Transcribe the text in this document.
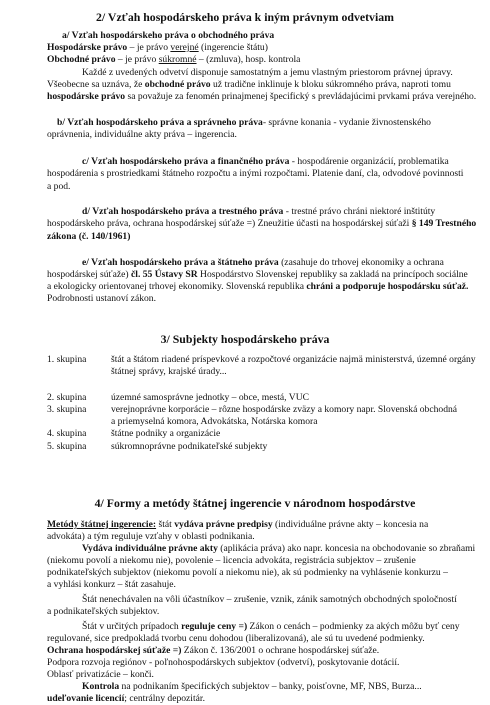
2/ Vzťah hospodárskeho práva k iným právnym odvetviam
a/ Vzťah hospodárskeho práva o obchodného práva
Hospodárske právo – je právo verejné (ingerencie štátu)
Obchodné právo – je právo súkromné – (zmluva), hosp. kontrola
Každé z uvedených odvetví disponuje samostatným a jemu vlastným priestorom právnej úpravy.
Všeobecne sa uznáva, že obchodné právo už tradične inklinuje k bloku súkromného práva, naproti tomu
hospodárske právo sa považuje za fenomén prinajmenej špecifický s prevládajúcimi prvkami práva verejného.
b/ Vzťah hospodárskeho práva a správneho práva- správne konania - vydanie živnostenského
oprávnenia, individuálne akty práva – ingerencia.
c/ Vzťah hospodárskeho práva a finančného práva - hospodárenie organizácií, problematika
hospodárenia s prostriedkami štátneho rozpočtu a inými rozpočtami. Platenie daní, cla, odvodové povinnosti
a pod.
d/ Vzťah hospodárskeho práva a trestného práva - trestné právo chráni niektoré inštitúty
hospodárskeho práva, ochrana hospodárskej súťaže =) Zneužitie účasti na hospodárskej súťaži § 149 Trestného
zákona (č. 140/1961)
e/ Vzťah hospodárskeho práva a štátneho práva (zasahuje do trhovej ekonomiky a ochrana
hospodárskej súťaže) čl. 55 Ústavy SR Hospodárstvo Slovenskej republiky sa zakladá na princípoch sociálne
a ekologicky orientovanej trhovej ekonomiky. Slovenská republika chráni a podporuje hospodársku súťaž.
Podrobnosti ustanoví zákon.
3/ Subjekty hospodárskeho práva
1. skupina	štát a štátom riadené príspevkové a rozpočtové organizácie najmä ministerstvá, územné orgány
štátnej správy, krajské úrady...

2. skupina	územné samosprávne jednotky – obce, mestá, VUC
3. skupina	verejnoprávne korporácie – rôzne hospodárske zväzy a komory napr. Slovenská obchodná
a priemyselná komora, Advokátska, Notárska komora

4. skupina	štátne podniky a organizácie
5. skupina	súkromnoprávne podnikateľské subjekty
4/ Formy a metódy štátnej ingerencie v národnom hospodárstve
Metódy štátnej ingerencie: štát vydáva právne predpisy (individuálne právne akty – koncesia na
advokáta) a tým reguluje vzťahy v oblasti podnikania.
Vydáva individuálne právne akty (aplikácia práva) ako napr. koncesia na obchodovanie so zbraňami
(niekomu povolí a niekomu nie), povolenie – licencia advokáta, registrácia subjektov – zrušenie
podnikateľských subjektov (niekomu povolí a niekomu nie), ak sú podmienky na vyhlásenie konkurzu –
a vyhlási konkurz – štát zasahuje.
Štát nenechávalen na vôli účastníkov – zrušenie, vznik, zánik samotných obchodných spoločností
a podnikateľských subjektov.
Štát v určitých prípadoch reguluje ceny =) Zákon o cenách – podmienky za akých môžu byť ceny
regulované, sice predpokladá tvorbu cenu dohodou (liberalizovaná), ale sú tu uvedené podmienky.
Ochrana hospodárskej súťaže =) Zákon č. 136/2001 o ochrane hospodárskej súťaže.
Podpora rozvoja regiónov - poľnohospodárskych subjektov (odvetví), poskytovanie dotácií.
Oblasť privatizácie – konči.
Kontrola na podnikaním špecifických subjektov – banky, poisťovne, MF, NBS, Burza...
udeľovanie licencií; centrálny depozitár.
